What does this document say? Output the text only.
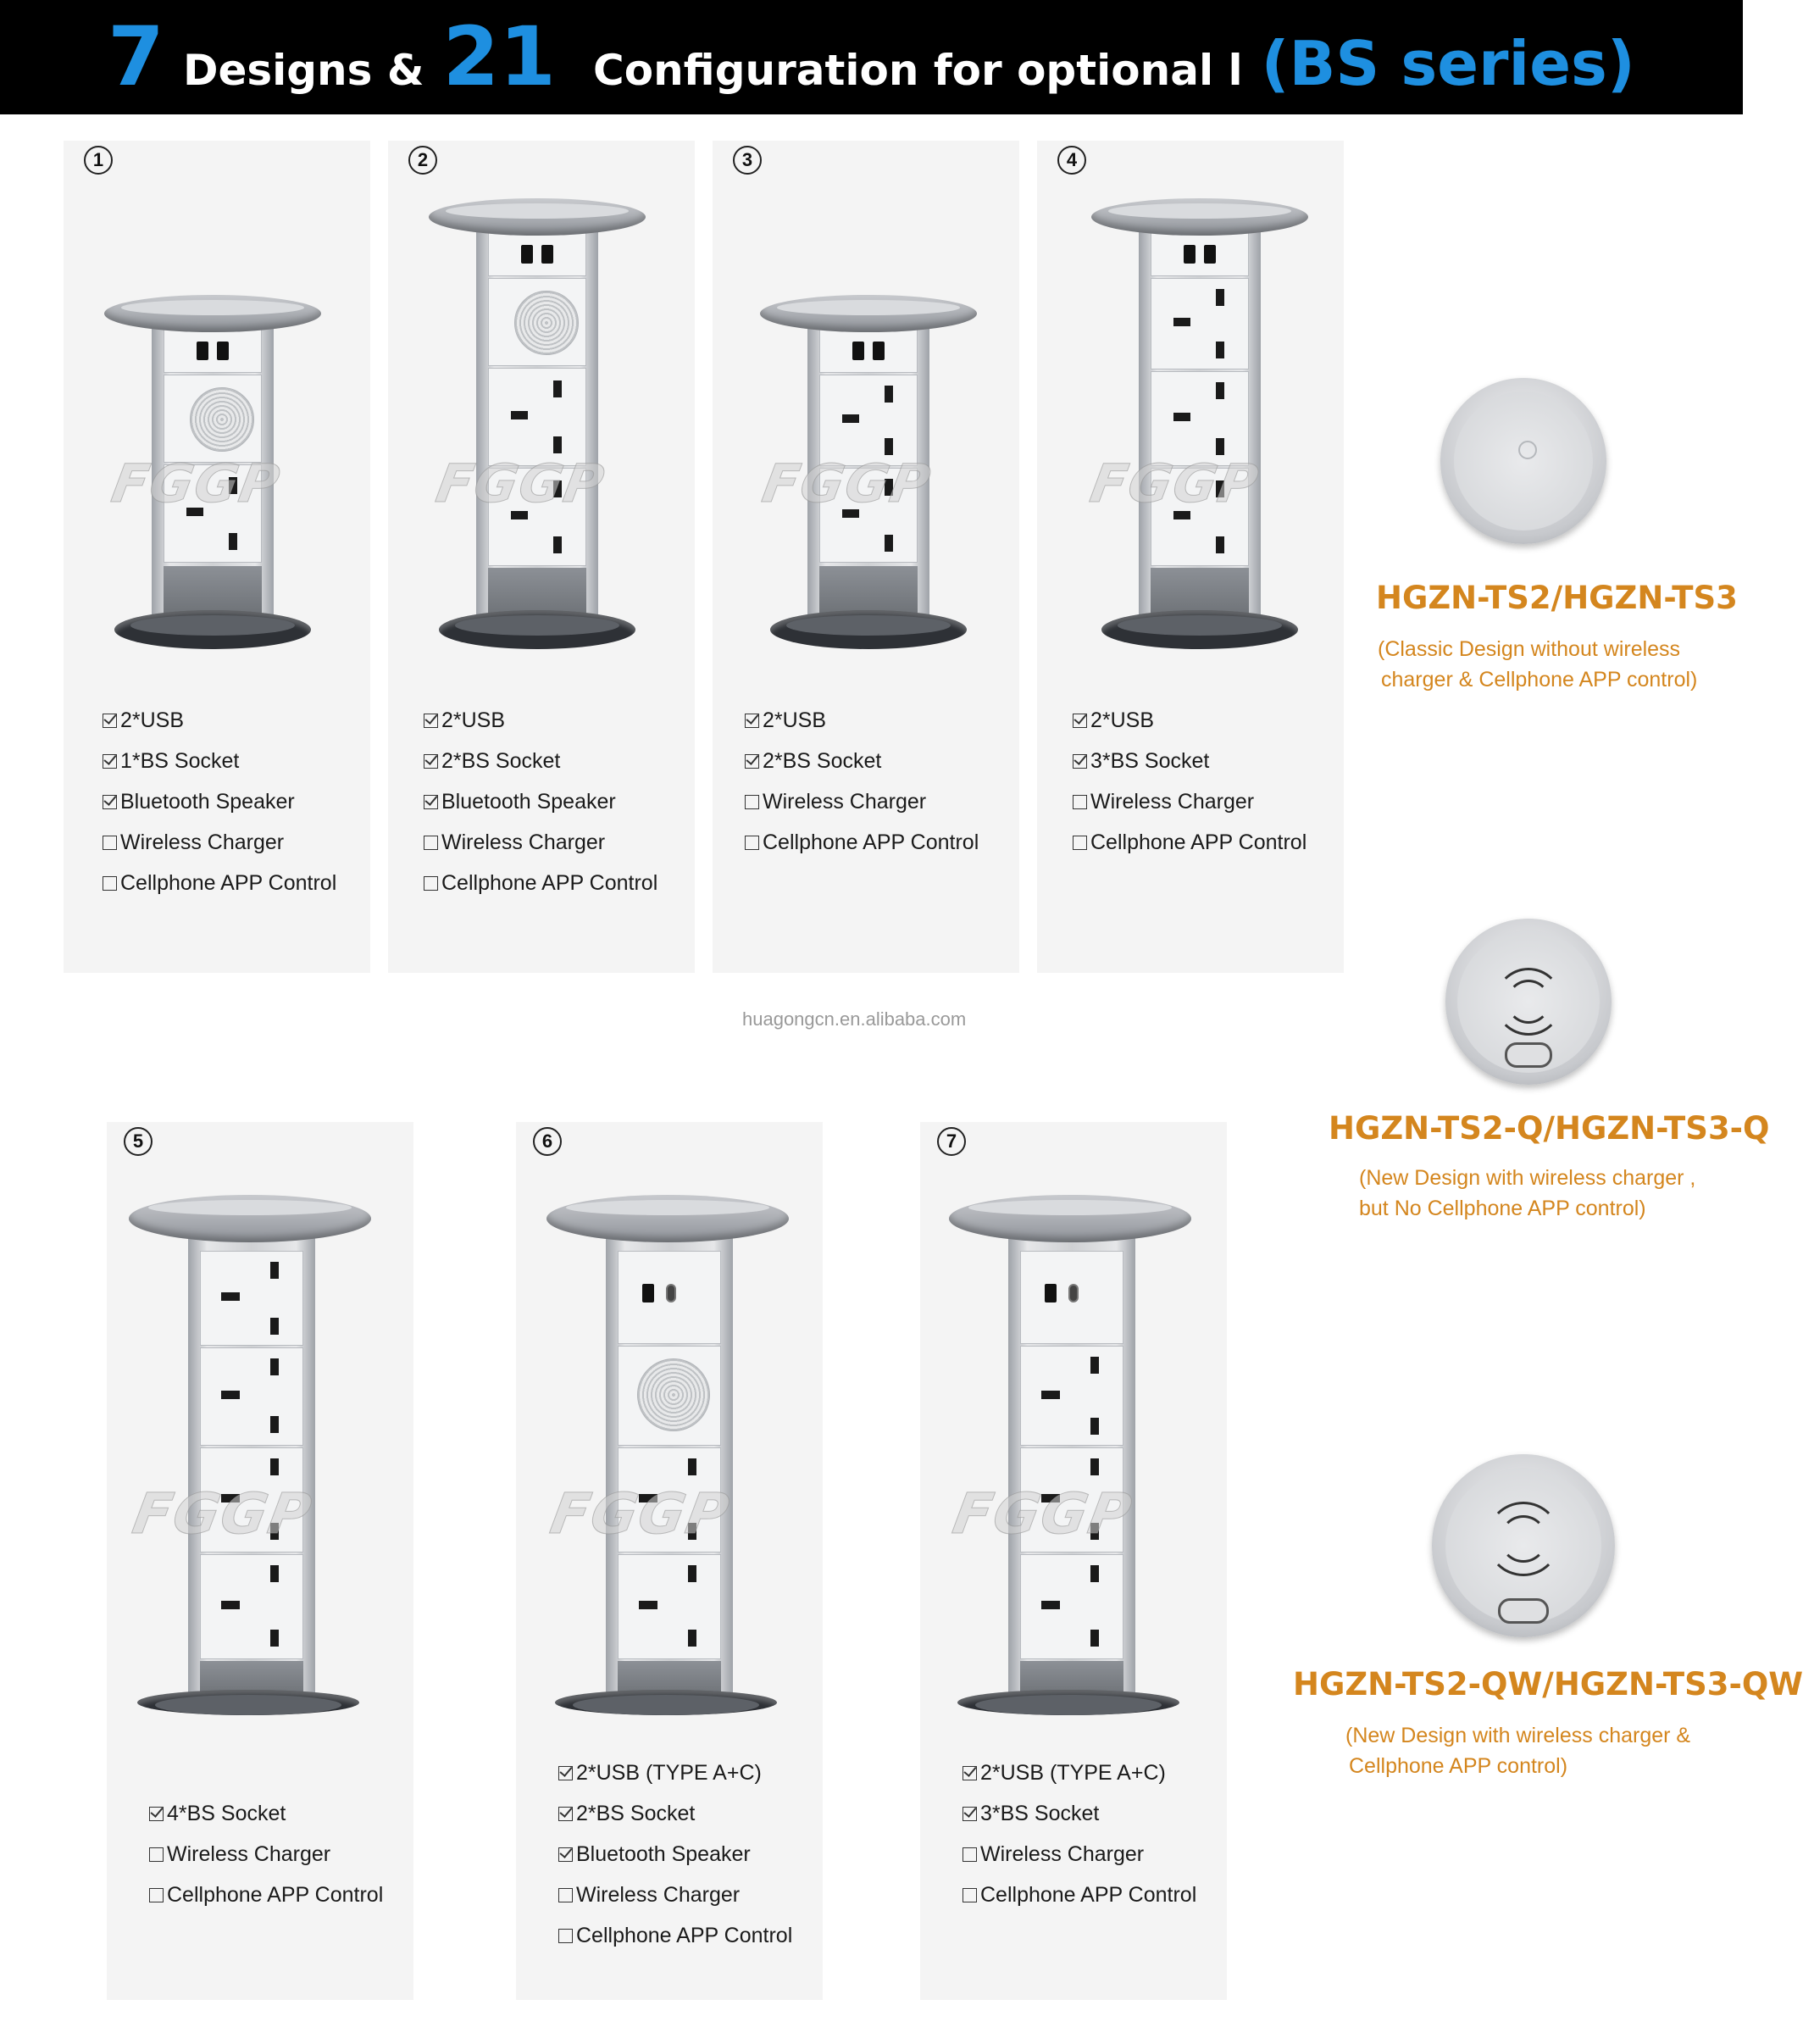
7 Designs & 21 Configuration for optional l (BS series)
1
FGGP
2*USB
1*BS Socket
Bluetooth Speaker
Wireless Charger
Cellphone APP Control
2
FGGP
2*USB
2*BS Socket
Bluetooth Speaker
Wireless Charger
Cellphone APP Control
3
FGGP
2*USB
2*BS Socket
Wireless Charger
Cellphone APP Control
4
FGGP
2*USB
3*BS Socket
Wireless Charger
Cellphone APP Control
huagongcn.en.alibaba.com
5
FGGP
4*BS Socket
Wireless Charger
Cellphone APP Control
6
FGGP
2*USB (TYPE A+C)
2*BS Socket
Bluetooth Speaker
Wireless Charger
Cellphone APP Control
7
FGGP
2*USB (TYPE A+C)
3*BS Socket
Wireless Charger
Cellphone APP Control
HGZN-TS2/HGZN-TS3
(Classic Design without wireless
charger & Cellphone APP control)
HGZN-TS2-Q/HGZN-TS3-Q
(New Design with wireless charger ,
but No Cellphone APP control)
HGZN-TS2-QW/HGZN-TS3-QW
(New Design with wireless charger &
Cellphone APP control)
